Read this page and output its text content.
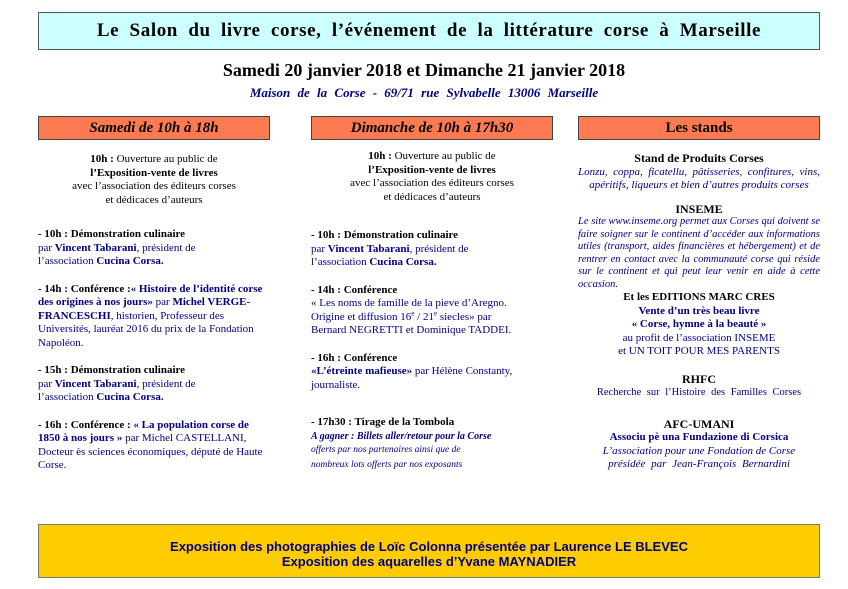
Le Salon du livre corse, l’événement de la littérature corse à Marseille
Samedi 20 janvier 2018 et Dimanche 21 janvier 2018
Maison de la Corse - 69/71 rue Sylvabelle 13006 Marseille
Samedi de 10h à 18h	Dimanche de 10h à 17h30	Les stands
10h : Ouverture au public de
l’Exposition-vente de livres
avec l’association des éditeurs corses
et dédicaces d’auteurs
- 10h : Démonstration culinaire
par Vincent Tabarani, président de
l’association Cucina Corsa.
- 14h : Conférence :« Histoire de l’identité corse des origines à nos jours» par Michel VERGE-FRANCESCHI, historien, Professeur des Universités, lauréat 2016 du prix de la Fondation Napoléon.
- 15h : Démonstration culinaire
par Vincent Tabarani, président de
l’association Cucina Corsa.
- 16h : Conférence : « La population corse de 1850 à nos jours » par Michel CASTELLANI, Docteur ès sciences économiques, député de Haute Corse.
10h : Ouverture au public de
l’Exposition-vente de livres
avec l’association des éditeurs corses
et dédicaces d’auteurs
- 10h : Démonstration culinaire
par Vincent Tabarani, président de
l’association Cucina Corsa.
- 14h : Conférence
« Les noms de famille de la pieve d’Aregno.
Origine et diffusion 16e / 21e siecles» par
Bernard NEGRETTI et Dominique TADDEI.
- 16h : Conférence
«L’étreinte mafieuse» par Hélène Constanty,
journaliste.
- 17h30 : Tirage de la Tombola
A gagner : Billets aller/retour pour la Corse
offerts par nos partenaires ainsi que de
nombreux lots offerts par nos exposants
Stand de Produits Corses
Lonzu, coppa, ficatellu, pâtisseries, confitures, vins, apéritifs, liqueurs et bien d’autres produits corses
INSEME
Le site www.inseme.org permet aux Corses qui doivent se faire soigner sur le continent d’accéder aux informations utiles (transport, aides financières et hébergement) et de rentrer en contact avec la communauté corse qui réside sur le continent et qui peut leur venir en aide à cette occasion.
Et les EDITIONS MARC CRES
Vente d’un très beau livre
« Corse, hymne à la beauté »
au profit de l’association INSEME
et UN TOIT POUR MES PARENTS
RHFC
Recherche sur l’Histoire des Familles Corses
AFC-UMANI
Associu pè una Fundazione di Corsica
L’association pour une Fondation de Corse
présidée par Jean-François Bernardini
Exposition des photographies de Loïc Colonna présentée par Laurence LE BLEVEC
Exposition des aquarelles d’Yvane MAYNADIER
